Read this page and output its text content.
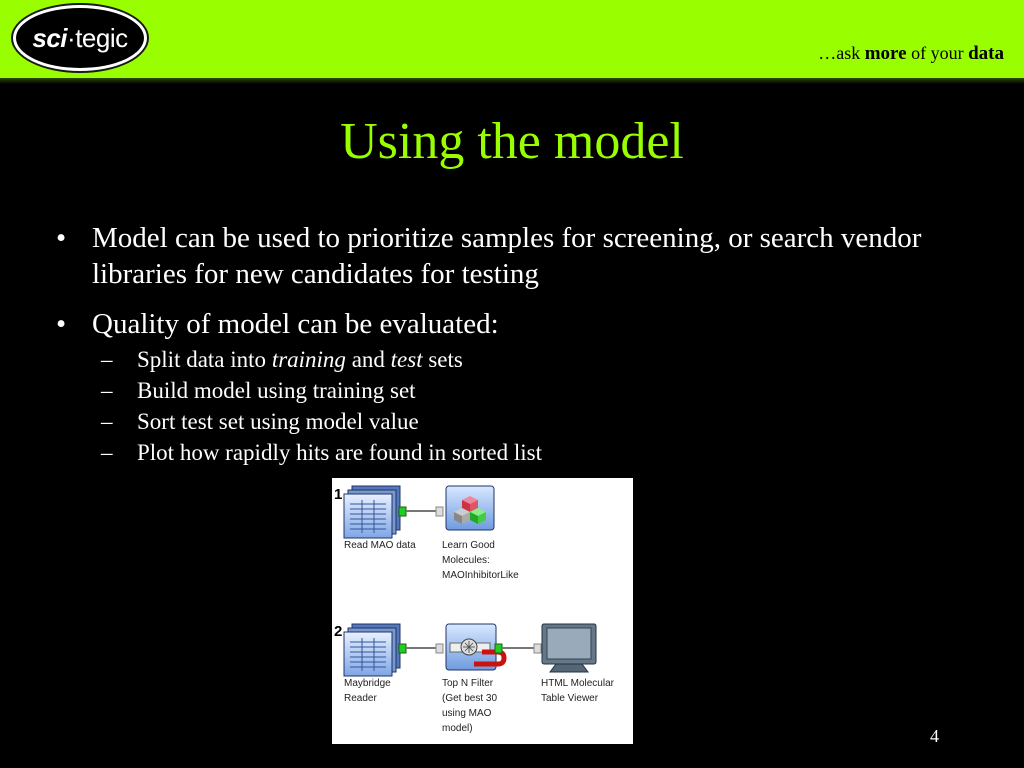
sci·tegic
…ask more of your data
Using the model
• Model can be used to prioritize samples for screening, or search vendor libraries for new candidates for testing
• Quality of model can be evaluated:
– Split data into training and test sets
– Build model using training set
– Sort test set using model value
– Plot how rapidly hits are found in sorted list
1
2
Read MAO data	Learn Good
Molecules:
MAOInhibitorLike
Maybridge
Reader
Top N Filter
(Get best 30
using MAO
model)
HTML Molecular
Table Viewer
4
